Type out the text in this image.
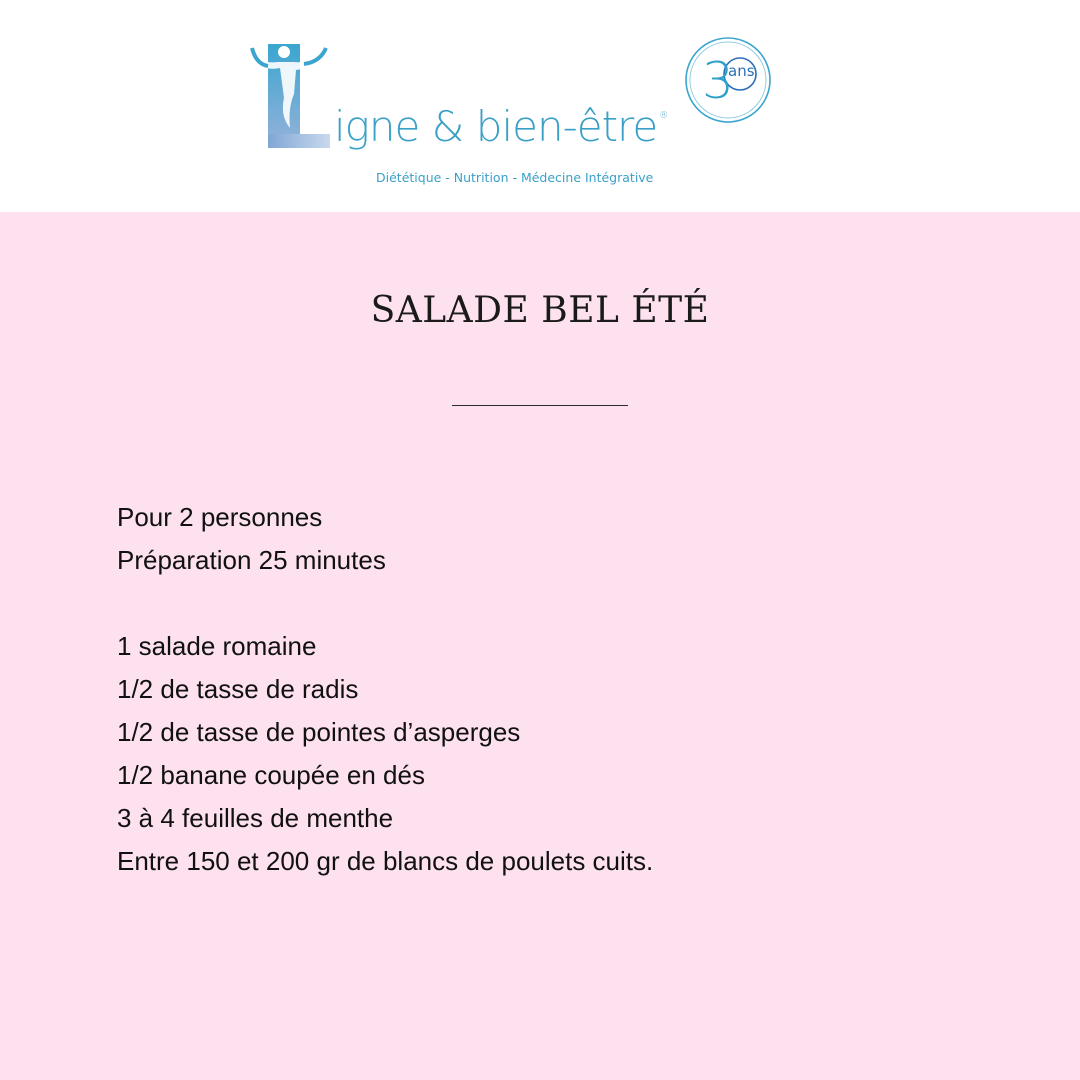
igne & bien-être ®
Diététique - Nutrition - Médecine Intégrative
3
ans
SALADE BEL ÉTÉ
Pour 2 personnes
Préparation 25 minutes
1 salade romaine
1/2 de tasse de radis
1/2 de tasse de pointes d’asperges
1/2 banane coupée en dés
3 à 4 feuilles de menthe
Entre 150 et 200 gr de blancs de poulets cuits.
